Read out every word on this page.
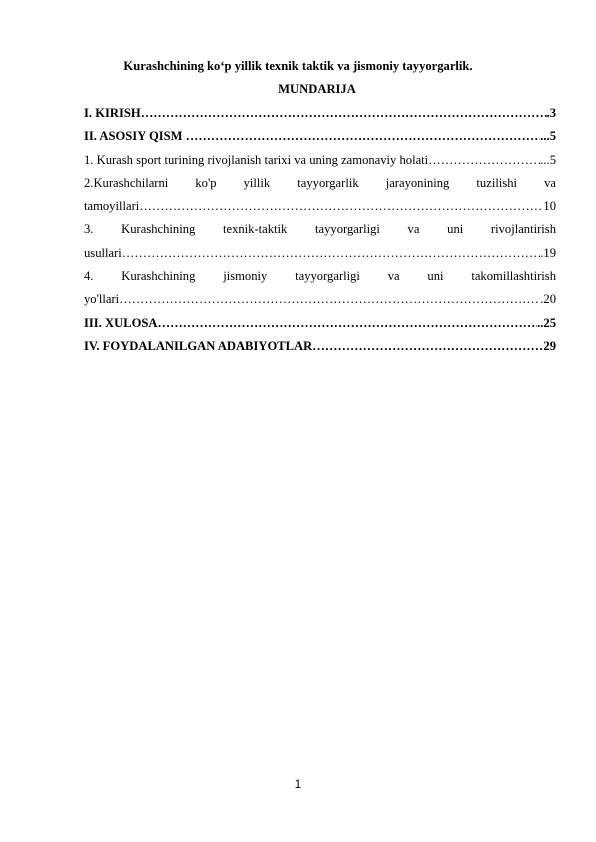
Kurashchining ko‘p yillik texnik taktik va jismoniy tayyorgarlik.
MUNDARIJA
I. KIRISH ……………………………………………………………………………………………………………………………………………	.3
II. ASOSIY QISM ……………………………………………………………………………………………………………………………………………	...5
1. Kurash sport turining rivojlanish tarixi va uning zamonaviy holati ……………………………………………………………………………………………………………………………………………	...5
2.Kurashchilarni ko'p yillik tayyorgarlik jarayonining tuzilishi va
tamoyillari ……………………………………………………………………………………………………………………………………………	10
3. Kurashchining texnik-taktik tayyorgarligi va uni rivojlantirish
usullari ……………………………………………………………………………………………………………………………………………	.19
4. Kurashchining jismoniy tayyorgarligi va uni takomillashtirish
yo'llari ……………………………………………………………………………………………………………………………………………	.20
III. XULOSA ……………………………………………………………………………………………………………………………………………	..25
IV. FOYDALANILGAN ADABIYOTLAR ……………………………………………………………………………………………………………………………………………	29
1
